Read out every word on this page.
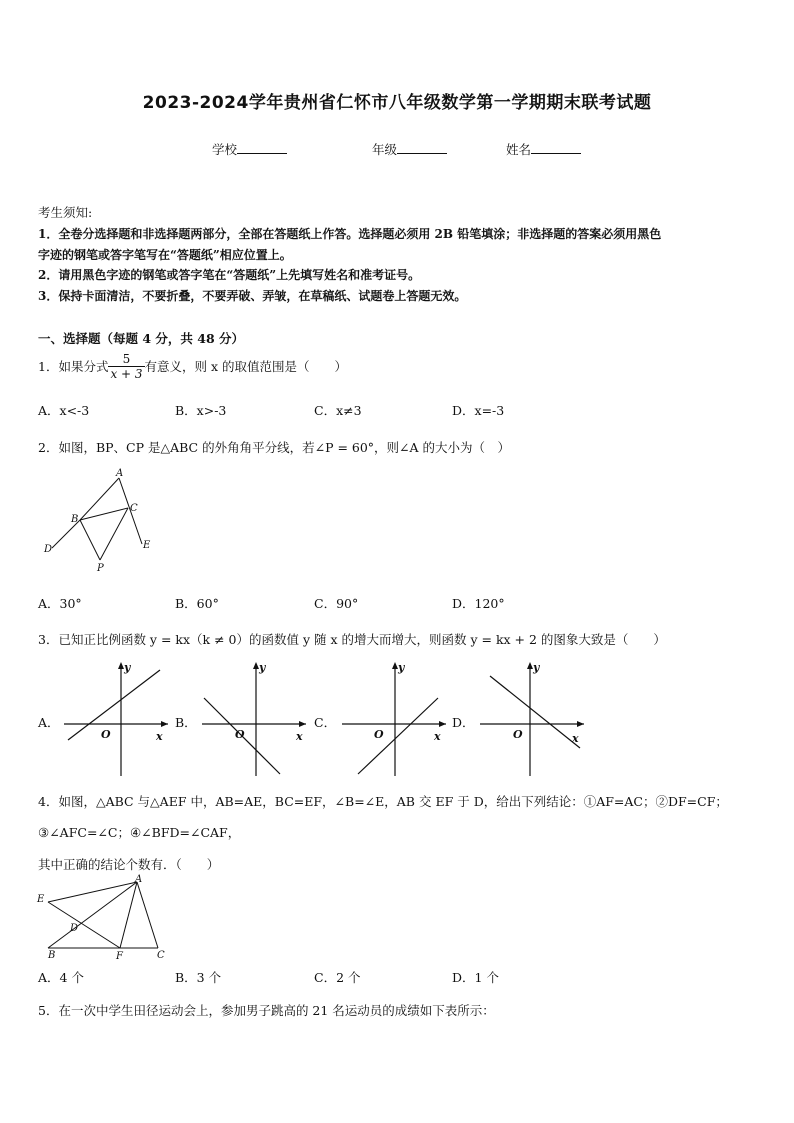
2023-2024学年贵州省仁怀市八年级数学第一学期期末联考试题
学校	年级	姓名
考生须知:
1．全卷分选择题和非选择题两部分，全部在答题纸上作答。选择题必须用 2B 铅笔填涂；非选择题的答案必须用黑色
字迹的钢笔或答字笔写在“答题纸”相应位置上。
2．请用黑色字迹的钢笔或答字笔在“答题纸”上先填写姓名和准考证号。
3．保持卡面清洁，不要折叠，不要弄破、弄皱，在草稿纸、试题卷上答题无效。
一、选择题（每题 4 分，共 48 分）
1．如果分式 $\frac{5}{x + 3}$ 有意义，则 x 的取值范围是（　　）
A．x<-3	B．x>-3	C．x≠3	D．x=-3
2．如图，BP、CP 是△ABC 的外角角平分线，若∠P = 60°，则∠A 的大小为（　）
A
B
C
D	E
P
A．30°	B．60°	C．90°	D．120°
3．已知正比例函数 y = kx（k ≠ 0）的函数值 y 随 x 的增大而增大，则函数 y = kx + 2 的图象大致是（　　）
A．
x
y
O
B．
x
y
O
C．
x
y
O
D．
x
y
O
4．如图，△ABC 与△AEF 中，AB=AE，BC=EF，∠B=∠E，AB 交 EF 于 D，给出下列结论：①AF=AC；②DF=CF；
③∠AFC=∠C；④∠BFD=∠CAF，
其中正确的结论个数有．（　　）
A
E
D
B	F	C
A．4 个	B．3 个	C．2 个	D．1 个
5．在一次中学生田径运动会上，参加男子跳高的 21 名运动员的成绩如下表所示：
